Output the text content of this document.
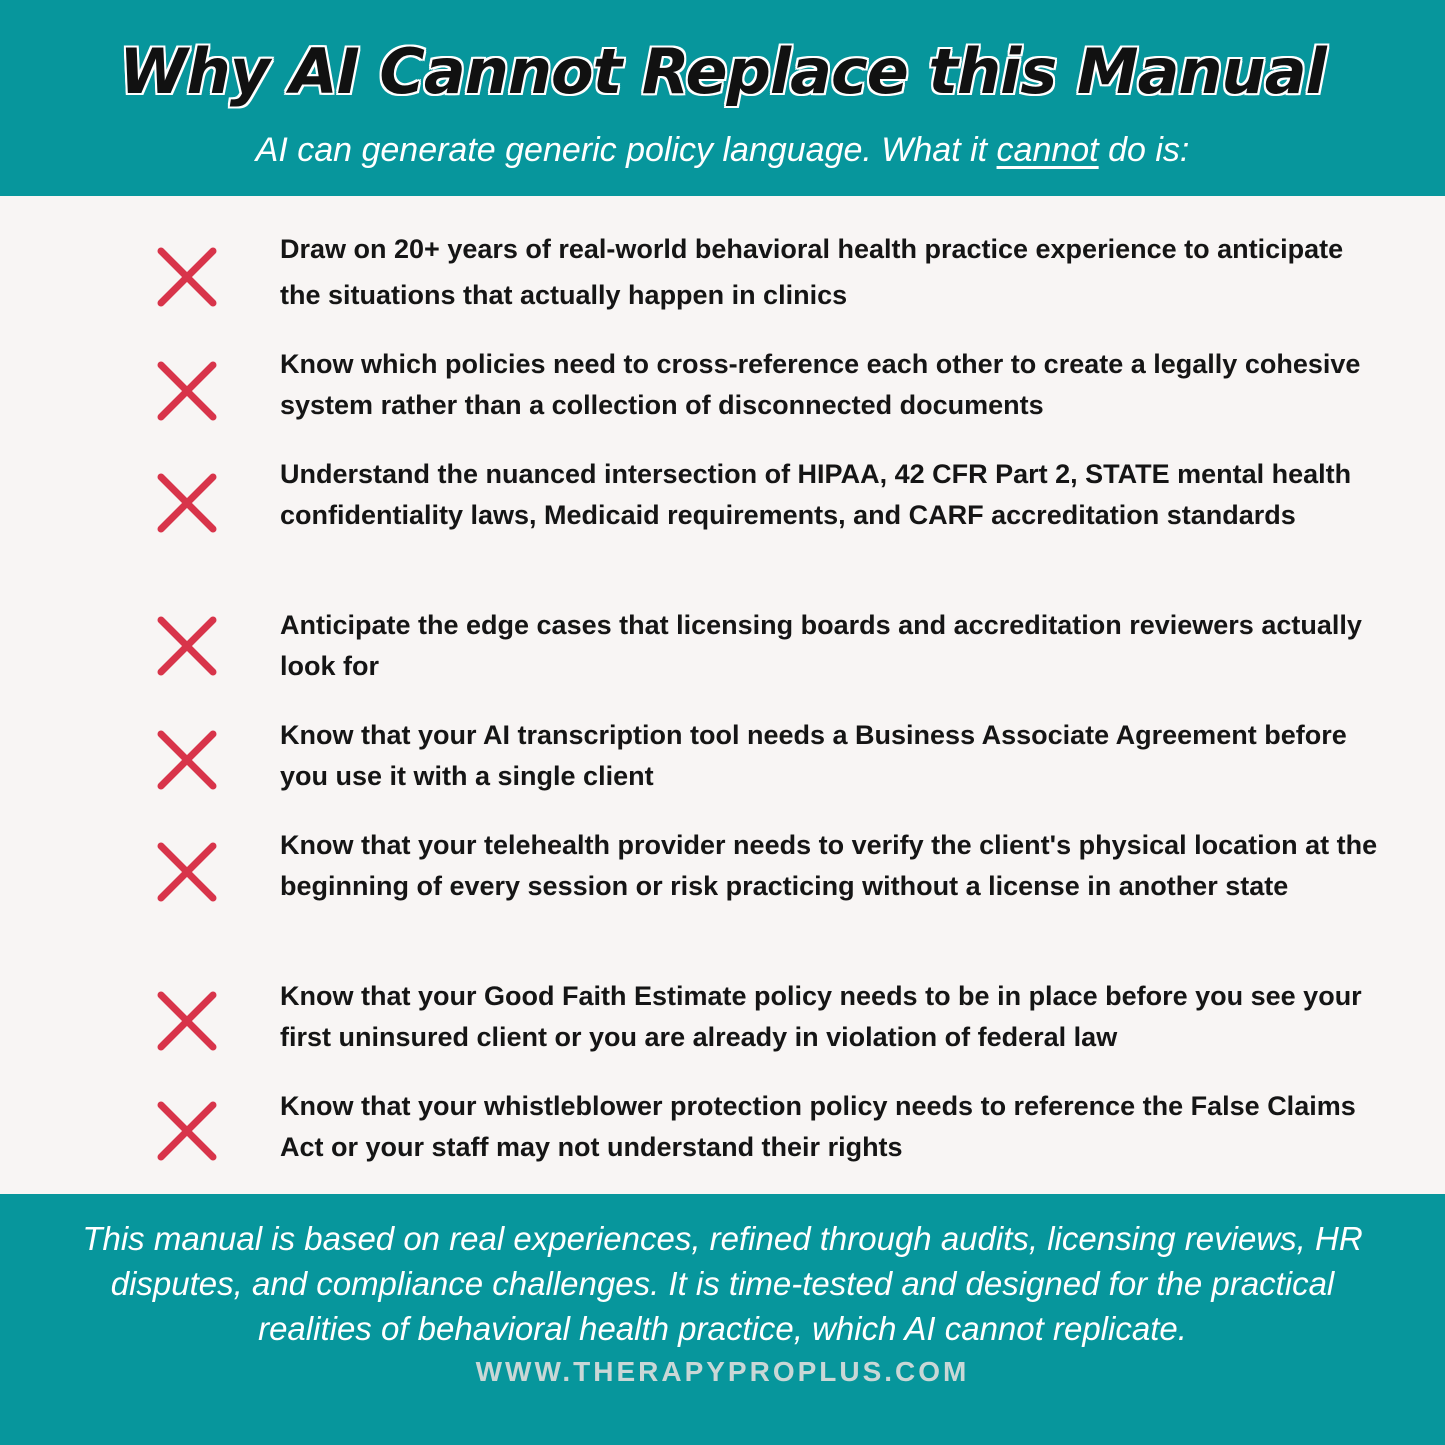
Why AI Cannot Replace this Manual

AI can generate generic policy language. What it cannot do is:

Draw on 20+ years of real-world behavioral health practice experience to anticipate the situations that actually happen in clinics

Know which policies need to cross-reference each other to create a legally cohesive system rather than a collection of disconnected documents

Understand the nuanced intersection of HIPAA, 42 CFR Part 2, STATE mental health confidentiality laws, Medicaid requirements, and CARF accreditation standards

Anticipate the edge cases that licensing boards and accreditation reviewers actually look for

Know that your AI transcription tool needs a Business Associate Agreement before you use it with a single client

Know that your telehealth provider needs to verify the client's physical location at the beginning of every session or risk practicing without a license in another state

Know that your Good Faith Estimate policy needs to be in place before you see your first uninsured client or you are already in violation of federal law

Know that your whistleblower protection policy needs to reference the False Claims Act or your staff may not understand their rights

This manual is based on real experiences, refined through audits, licensing reviews, HR disputes, and compliance challenges. It is time-tested and designed for the practical realities of behavioral health practice, which AI cannot replicate.

WWW.THERAPYPROPLUS.COM
